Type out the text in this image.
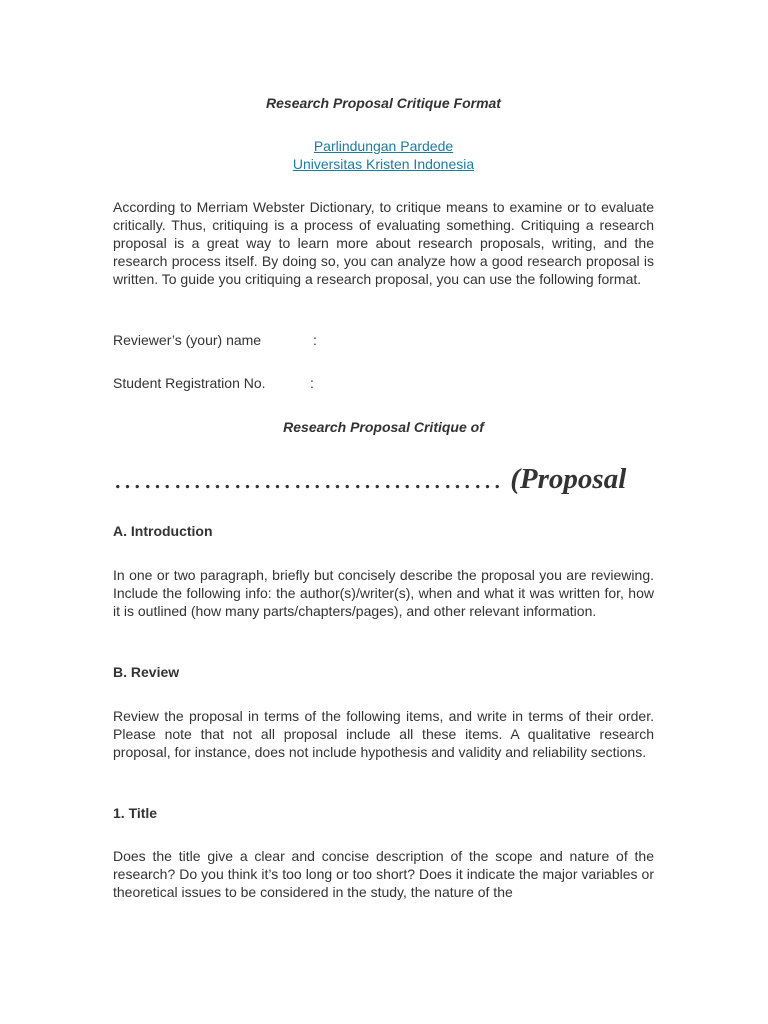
Research Proposal Critique Format
Parlindungan Pardede
Universitas Kristen Indonesia
According to Merriam Webster Dictionary, to critique means to examine or to evaluate critically. Thus, critiquing is a process of evaluating something. Critiquing a research proposal is a great way to learn more about research proposals, writing, and the research process itself. By doing so, you can analyze how a good research proposal is written. To guide you critiquing a research proposal, you can use the following format.
Reviewer’s (your) name	:
Student Registration No.	:
Research Proposal Critique of
………………………………… (Proposal
A. Introduction
In one or two paragraph, briefly but concisely describe the proposal you are reviewing. Include the following info: the author(s)/writer(s), when and what it was written for, how it is outlined (how many parts/chapters/pages), and other relevant information.
B. Review
Review the proposal in terms of the following items, and write in terms of their order. Please note that not all proposal include all these items. A qualitative research proposal, for instance, does not include hypothesis and validity and reliability sections.
1. Title
Does the title give a clear and concise description of the scope and nature of the research? Do you think it’s too long or too short? Does it indicate the major variables or theoretical issues to be considered in the study, the nature of the
